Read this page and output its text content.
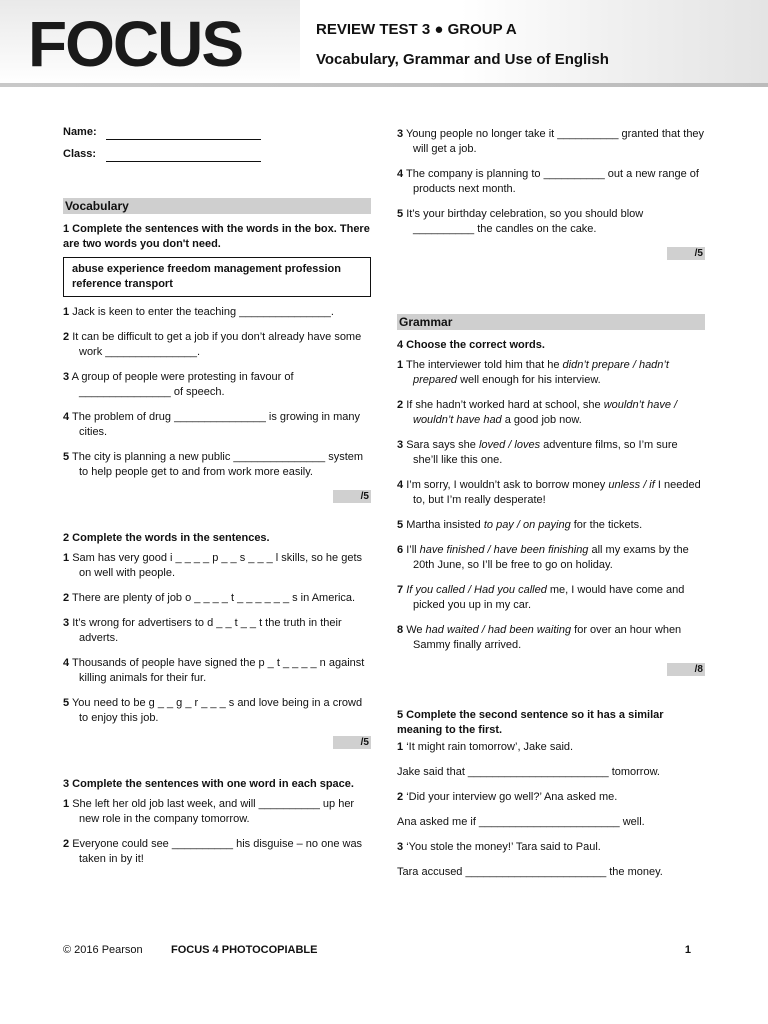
FOCUS	REVIEW TEST 3 ● GROUP A
Vocabulary, Grammar and Use of English
Name:
Class:
Vocabulary
1 Complete the sentences with the words in the box. There are two words you don't need.
abuse experience freedom management profession reference transport
1 Jack is keen to enter the teaching _______________.
2 It can be difficult to get a job if you don’t already have some work _______________.
3 A group of people were protesting in favour of _______________ of speech.
4 The problem of drug _______________ is growing in many cities.
5 The city is planning a new public _______________ system to help people get to and from work more easily.
/5
2 Complete the words in the sentences.
1 Sam has very good i _ _ _ _ p _ _ s _ _ _ l skills, so he gets on well with people.
2 There are plenty of job o _ _ _ _ t _ _ _ _ _ _ s in America.
3 It’s wrong for advertisers to d _ _ t _ _ t the truth in their adverts.
4 Thousands of people have signed the p _ t _ _ _ _ n against killing animals for their fur.
5 You need to be g _ _ g _ r _ _ _ s and love being in a crowd to enjoy this job.
/5
3 Complete the sentences with one word in each space.
1 She left her old job last week, and will __________ up her new role in the company tomorrow.
2 Everyone could see __________ his disguise – no one was taken in by it!
3 Young people no longer take it __________ granted that they will get a job.
4 The company is planning to __________ out a new range of products next month.
5 It’s your birthday celebration, so you should blow __________ the candles on the cake.
/5
Grammar
4 Choose the correct words.
1 The interviewer told him that he didn’t prepare / hadn’t prepared well enough for his interview.
2 If she hadn’t worked hard at school, she wouldn’t have / wouldn’t have had a good job now.
3 Sara says she loved / loves adventure films, so I’m sure she’ll like this one.
4 I’m sorry, I wouldn’t ask to borrow money unless / if I needed to, but I’m really desperate!
5 Martha insisted to pay / on paying for the tickets.
6 I’ll have finished / have been finishing all my exams by the 20th June, so I’ll be free to go on holiday.
7 If you called / Had you called me, I would have come and picked you up in my car.
8 We had waited / had been waiting for over an hour when Sammy finally arrived.
/8
5 Complete the second sentence so it has a similar meaning to the first.
1 ‘It might rain tomorrow’, Jake said.
Jake said that _______________________ tomorrow.
2 ‘Did your interview go well?’ Ana asked me.
Ana asked me if _______________________ well.
3 ‘You stole the money!’ Tara said to Paul.
Tara accused _______________________ the money.
© 2016 Pearson	FOCUS 4 PHOTOCOPIABLE	1
